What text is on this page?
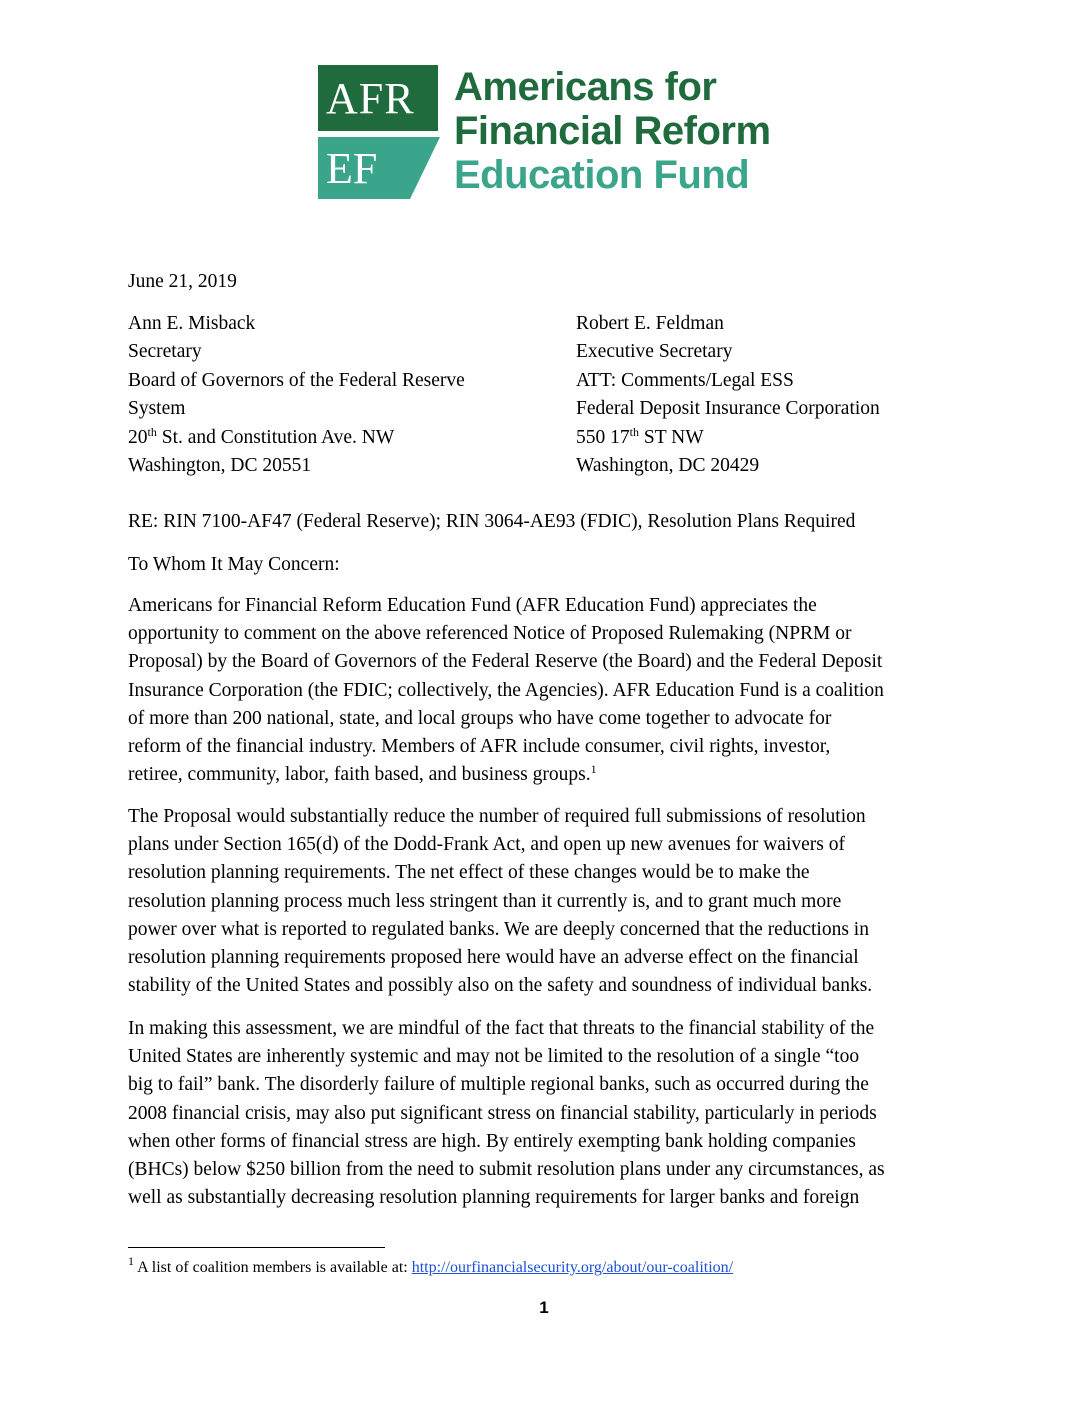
AFR
EF
Americans for
Financial Reform
Education Fund
June 21, 2019
Ann E. Misback
Secretary
Board of Governors of the Federal Reserve
System
20th St. and Constitution Ave. NW
Washington, DC 20551
Robert E. Feldman
Executive Secretary
ATT: Comments/Legal ESS
Federal Deposit Insurance Corporation
550 17th ST NW
Washington, DC 20429
RE: RIN 7100-AF47 (Federal Reserve); RIN 3064-AE93 (FDIC), Resolution Plans Required
To Whom It May Concern:
Americans for Financial Reform Education Fund (AFR Education Fund) appreciates the
opportunity to comment on the above referenced Notice of Proposed Rulemaking (NPRM or
Proposal) by the Board of Governors of the Federal Reserve (the Board) and the Federal Deposit
Insurance Corporation (the FDIC; collectively, the Agencies). AFR Education Fund is a coalition
of more than 200 national, state, and local groups who have come together to advocate for
reform of the financial industry. Members of AFR include consumer, civil rights, investor,
retiree, community, labor, faith based, and business groups.$^1$
The Proposal would substantially reduce the number of required full submissions of resolution
plans under Section 165(d) of the Dodd-Frank Act, and open up new avenues for waivers of
resolution planning requirements. The net effect of these changes would be to make the
resolution planning process much less stringent than it currently is, and to grant much more
power over what is reported to regulated banks. We are deeply concerned that the reductions in
resolution planning requirements proposed here would have an adverse effect on the financial
stability of the United States and possibly also on the safety and soundness of individual banks.
In making this assessment, we are mindful of the fact that threats to the financial stability of the
United States are inherently systemic and may not be limited to the resolution of a single “too
big to fail” bank. The disorderly failure of multiple regional banks, such as occurred during the
2008 financial crisis, may also put significant stress on financial stability, particularly in periods
when other forms of financial stress are high. By entirely exempting bank holding companies
(BHCs) below $250 billion from the need to submit resolution plans under any circumstances, as
well as substantially decreasing resolution planning requirements for larger banks and foreign
$^1$ A list of coalition members is available at: http://ourfinancialsecurity.org/about/our-coalition/
1
